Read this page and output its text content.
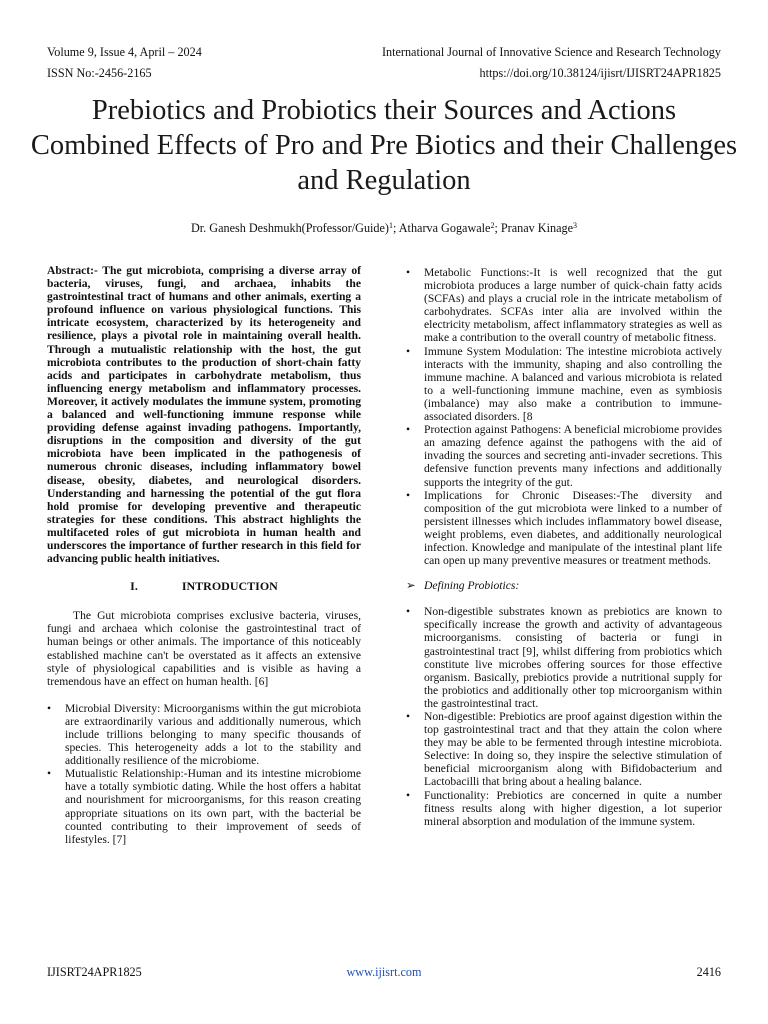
Volume 9, Issue 4, April – 2024
ISSN No:-2456-2165
International Journal of Innovative Science and Research Technology
https://doi.org/10.38124/ijisrt/IJISRT24APR1825
Prebiotics and Probiotics their Sources and Actions Combined Effects of Pro and Pre Biotics and their Challenges and Regulation
Dr. Ganesh Deshmukh(Professor/Guide)$^1$; Atharva Gogawale$^2$; Pranav Kinage$^3$

Abstract:- The gut microbiota, comprising a diverse array of bacteria, viruses, fungi, and archaea, inhabits the gastrointestinal tract of humans and other animals, exerting a profound influence on various physiological functions. This intricate ecosystem, characterized by its heterogeneity and resilience, plays a pivotal role in maintaining overall health. Through a mutualistic relationship with the host, the gut microbiota contributes to the production of short-chain fatty acids and participates in carbohydrate metabolism, thus influencing energy metabolism and inflammatory processes. Moreover, it actively modulates the immune system, promoting a balanced and well-functioning immune response while providing defense against invading pathogens. Importantly, disruptions in the composition and diversity of the gut microbiota have been implicated in the pathogenesis of numerous chronic diseases, including inflammatory bowel disease, obesity, diabetes, and neurological disorders. Understanding and harnessing the potential of the gut flora hold promise for developing preventive and therapeutic strategies for these conditions. This abstract highlights the multifaceted roles of gut microbiota in human health and underscores the importance of further research in this field for advancing public health initiatives.

I.	INTRODUCTION

The Gut microbiota comprises exclusive bacteria, viruses, fungi and archaea which colonise the gastrointestinal tract of human beings or other animals. The importance of this noticeably established machine can't be overstated as it affects an extensive style of physiological capabilities and is visible as having a tremendous have an effect on human health. [6]

• Microbial Diversity: Microorganisms within the gut microbiota are extraordinarily various and additionally numerous, which include trillions belonging to many specific thousands of species. This heterogeneity adds a lot to the stability and additionally resilience of the microbiome.
• Mutualistic Relationship:-Human and its intestine microbiome have a totally symbiotic dating. While the host offers a habitat and nourishment for microorganisms, for this reason creating appropriate situations on its own part, with the bacterial be counted contributing to their improvement of seeds of lifestyles. [7]
• Metabolic Functions:-It is well recognized that the gut microbiota produces a large number of quick-chain fatty acids (SCFAs) and plays a crucial role in the intricate metabolism of carbohydrates. SCFAs inter alia are involved within the electricity metabolism, affect inflammatory strategies as well as make a contribution to the overall country of metabolic fitness.
• Immune System Modulation: The intestine microbiota actively interacts with the immunity, shaping and also controlling the immune machine. A balanced and various microbiota is related to a well-functioning immune machine, even as symbiosis (imbalance) may also make a contribution to immune-associated disorders. [8
• Protection against Pathogens: A beneficial microbiome provides an amazing defence against the pathogens with the aid of invading the sources and secreting anti-invader secretions. This defensive function prevents many infections and additionally supports the integrity of the gut.
• Implications for Chronic Diseases:-The diversity and composition of the gut microbiota were linked to a number of persistent illnesses which includes inflammatory bowel disease, weight problems, even diabetes, and additionally neurological infection. Knowledge and manipulate of the intestinal plant life can open up many preventive measures or treatment methods.
➢ Defining Probiotics:
• Non-digestible substrates known as prebiotics are known to specifically increase the growth and activity of advantageous microorganisms. consisting of bacteria or fungi in gastrointestinal tract [9], whilst differing from probiotics which constitute live microbes offering sources for those effective organism. Basically, prebiotics provide a nutritional supply for the probiotics and additionally other top microorganism within the gastrointestinal tract.
• Non-digestible: Prebiotics are proof against digestion within the top gastrointestinal tract and that they attain the colon where they may be able to be fermented through intestine microbiota. Selective: In doing so, they inspire the selective stimulation of beneficial microorganism along with Bifidobacterium and Lactobacilli that bring about a healing balance.
• Functionality: Prebiotics are concerned in quite a number fitness results along with higher digestion, a lot superior mineral absorption and modulation of the immune system.
IJISRT24APR1825	www.ijisrt.com	2416
